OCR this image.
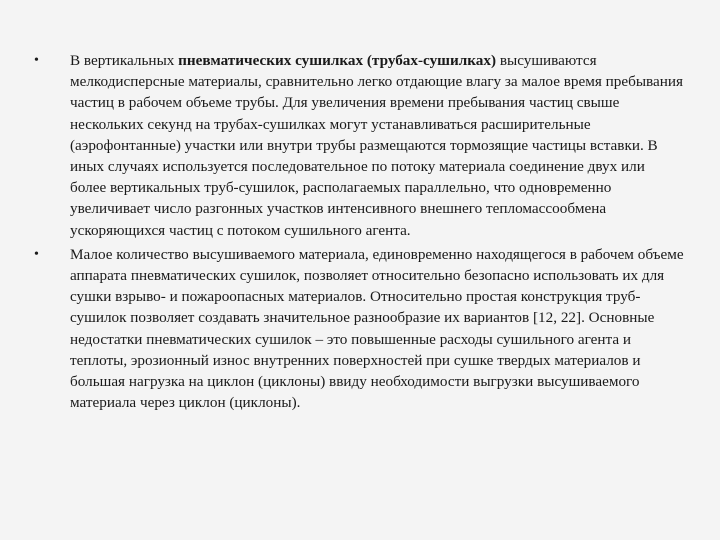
•	В вертикальных пневматических сушилках (трубах-сушилках) высушиваются мелкодисперсные материалы, сравнительно легко отдающие влагу за малое время пребывания частиц в рабочем объеме трубы. Для увеличения времени пребывания частиц свыше нескольких секунд на трубах-сушилках могут устанавливаться расширительные (аэрофонтанные) участки или внутри трубы размещаются тормозящие частицы вставки. В иных случаях используется последовательное по потоку материала соединение двух или более вертикальных труб-сушилок, располагаемых параллельно, что одновременно увеличивает число разгонных участков интенсивного внешнего тепломассообмена ускоряющихся частиц с потоком сушильного агента.
•	Малое количество высушиваемого материала, единовременно находящегося в рабочем объеме аппарата пневматических сушилок, позволяет относительно безопасно использовать их для сушки взрыво- и пожароопасных материалов. Относительно простая конструкция труб-сушилок позволяет создавать значительное разнообразие их вариантов [12, 22]. Основные недостатки пневматических сушилок – это повышенные расходы сушильного агента и теплоты, эрозионный износ внутренних поверхностей при сушке твердых материалов и большая нагрузка на циклон (циклоны) ввиду необходимости выгрузки высушиваемого материала через циклон (циклоны).
